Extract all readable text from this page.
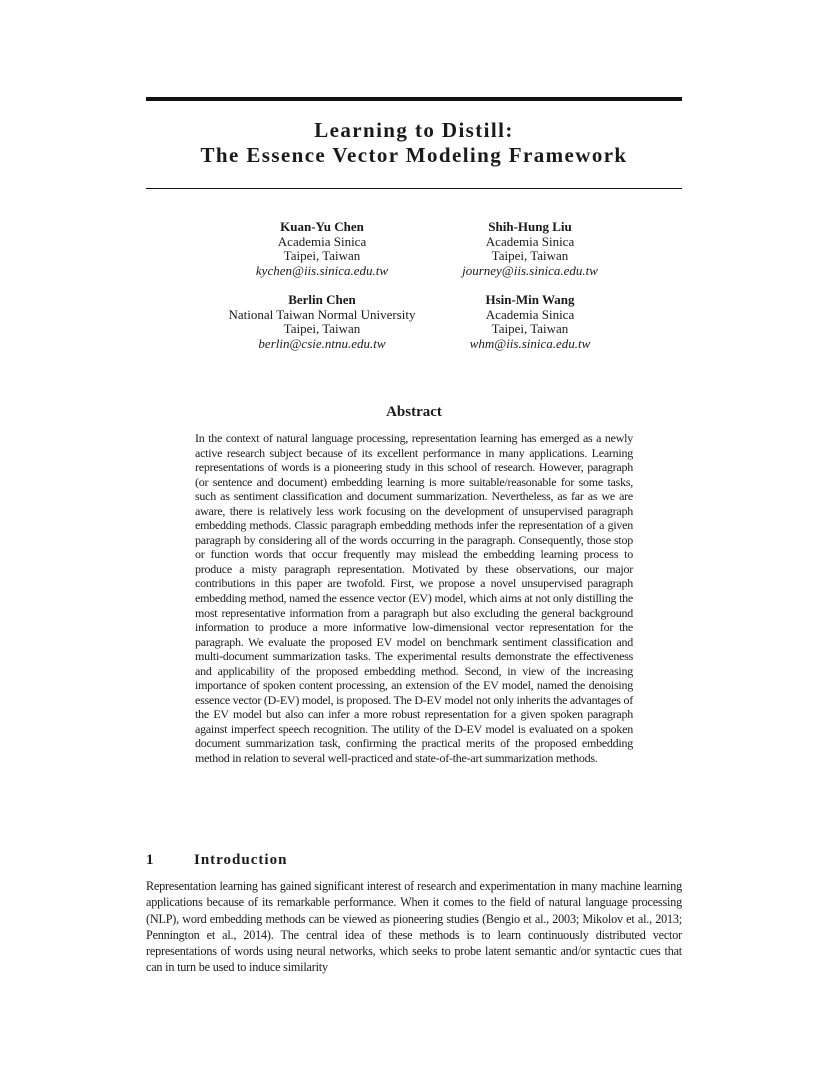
Learning to Distill:
The Essence Vector Modeling Framework
Kuan-Yu Chen
Academia Sinica
Taipei, Taiwan
kychen@iis.sinica.edu.tw
Shih-Hung Liu
Academia Sinica
Taipei, Taiwan
journey@iis.sinica.edu.tw
Berlin Chen
National Taiwan Normal University
Taipei, Taiwan
berlin@csie.ntnu.edu.tw
Hsin-Min Wang
Academia Sinica
Taipei, Taiwan
whm@iis.sinica.edu.tw
Abstract
In the context of natural language processing, representation learning has emerged as a newly active research subject because of its excellent performance in many applications. Learning representations of words is a pioneering study in this school of research. However, paragraph (or sentence and document) embedding learning is more suitable/reasonable for some tasks, such as sentiment classification and document summarization. Nevertheless, as far as we are aware, there is relatively less work focusing on the development of unsupervised paragraph embedding methods. Classic paragraph embedding methods infer the representation of a given paragraph by considering all of the words occurring in the paragraph. Consequently, those stop or function words that occur frequently may mislead the embedding learning process to produce a misty paragraph representation. Motivated by these observations, our major contributions in this paper are twofold. First, we propose a novel unsupervised paragraph embedding method, named the essence vector (EV) model, which aims at not only distilling the most representative information from a paragraph but also excluding the general background information to produce a more informative low-dimensional vector representation for the paragraph. We evaluate the proposed EV model on benchmark sentiment classification and multi-document summarization tasks. The experimental results demonstrate the effectiveness and applicability of the proposed embedding method. Second, in view of the increasing importance of spoken content processing, an extension of the EV model, named the denoising essence vector (D-EV) model, is proposed. The D-EV model not only inherits the advantages of the EV model but also can infer a more robust representation for a given spoken paragraph against imperfect speech recognition. The utility of the D-EV model is evaluated on a spoken document summarization task, confirming the practical merits of the proposed embedding method in relation to several well-practiced and state-of-the-art summarization methods.
1	Introduction
Representation learning has gained significant interest of research and experimentation in many machine learning applications because of its remarkable performance. When it comes to the field of natural language processing (NLP), word embedding methods can be viewed as pioneering studies (Bengio et al., 2003; Mikolov et al., 2013; Pennington et al., 2014). The central idea of these methods is to learn continuously distributed vector representations of words using neural networks, which seeks to probe latent semantic and/or syntactic cues that can in turn be used to induce similarity
